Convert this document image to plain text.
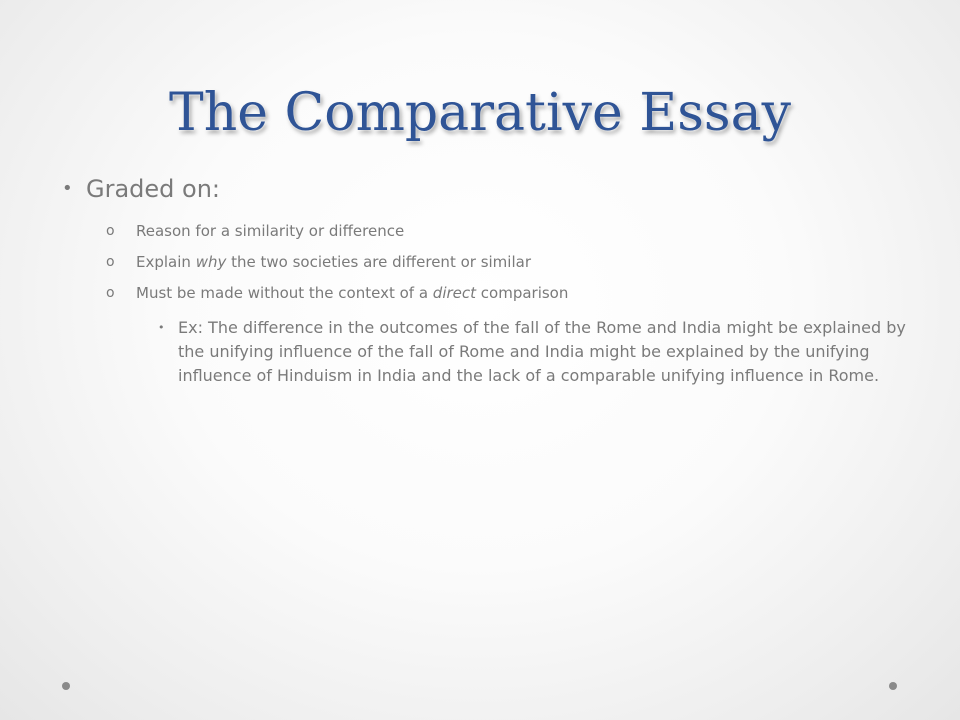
The Comparative Essay

• Graded on:

o Reason for a similarity or difference

o Explain why the two societies are different or similar

o Must be made without the context of a direct comparison

• Ex: The difference in the outcomes of the fall of the Rome and India might be explained by the unifying influence of the fall of Rome and India might be explained by the unifying influence of Hinduism in India and the lack of a comparable unifying influence in Rome.
